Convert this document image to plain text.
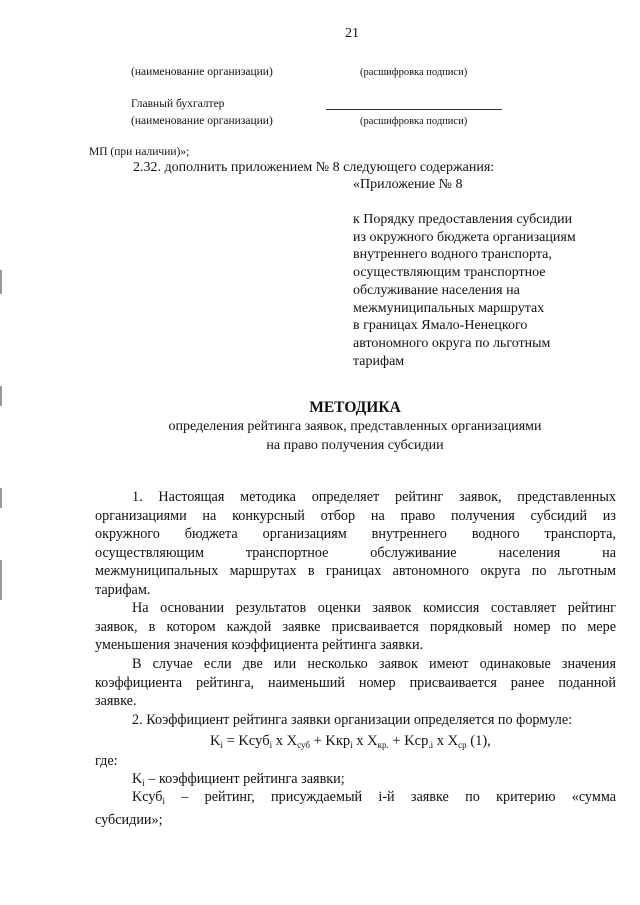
21
(наименование организации)	(расшифровка подписи)
Главный бухгалтер
(наименование организации)	(расшифровка подписи)
МП (при наличии)»;
2.32. дополнить приложением № 8 следующего содержания:
«Приложение № 8
к Порядку предоставления субсидии
из окружного бюджета организациям
внутреннего водного транспорта,
осуществляющим транспортное
обслуживание населения на
межмуниципальных маршрутах
в границах Ямало-Ненецкого
автономного округа по льготным
тарифам
МЕТОДИКА
определения рейтинга заявок, представленных организациями
на право получения субсидии
1. Настоящая методика определяет рейтинг заявок, представленных
организациями на конкурсный отбор на право получения субсидий из
окружного бюджета организациям внутреннего водного транспорта,
осуществляющим транспортное обслуживание населения на
межмуниципальных маршрутах в границах автономного округа по льготным
тарифам.
На основании результатов оценки заявок комиссия составляет рейтинг
заявок, в котором каждой заявке присваивается порядковый номер по мере
уменьшения значения коэффициента рейтинга заявки.
В случае если две или несколько заявок имеют одинаковые значения
коэффициента рейтинга, наименьший номер присваивается ранее поданной
заявке.
2. Коэффициент рейтинга заявки организации определяется по формуле:
$K_i$ = Kсуб$_i$ x $X_{суб} + Kкр_i$ x $X_{кр.} + Kср_{.i}$ x $X_{ср}$ (1),
где:
$K_i$ – коэффициент рейтинга заявки;
Kсуб$_i$ – рейтинг, присуждаемый i-й заявке по критерию «сумма
субсидии»;
